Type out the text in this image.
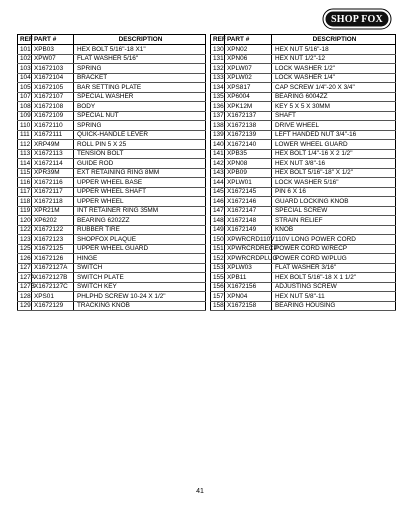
SHOP FOX
REF	PART #	DESCRIPTION
101	XPB03	HEX BOLT 5/16"-18 X1"
102	XPW07	FLAT WASHER 5/16"
103	X1672103	SPRING
104	X1672104	BRACKET
105	X1672105	BAR SETTING PLATE
107	X1672107	SPECIAL WASHER
108	X1672108	BODY
109	X1672109	SPECIAL NUT
110	X1672110	SPRING
111	X1672111	QUICK-HANDLE LEVER
112	XRP49M	ROLL PIN 5 X 25
113	X1672113	TENSION BOLT
114	X1672114	GUIDE ROD
115	XPR39M	EXT RETAINING RING 8MM
116	X1672116	UPPER WHEEL BASE
117	X1672117	UPPER WHEEL SHAFT
118	X1672118	UPPER WHEEL
119	XPR21M	INT RETAINER RING 35MM
120	XP6202	BEARING 6202ZZ
122	X1672122	RUBBER TIRE
123	X1672123	SHOPFOX PLAQUE
125	X1672125	UPPER WHEEL GUARD
126	X1672126	HINGE
127	X1672127A	SWITCH
127A	X1672127B	SWITCH PLATE
127B	X1672127C	SWITCH KEY
128	XPS01	PHLPHD SCREW 10-24 X 1/2"
129	X1672129	TRACKING KNOB
REF	PART #	DESCRIPTION
130	XPN02	HEX NUT 5/16"-18
131	XPN06	HEX NUT 1/2"-12
132	XPLW07	LOCK WASHER 1/2"
133	XPLW02	LOCK WASHER 1/4"
134	XPS817	CAP SCREW 1/4"-20 X 3/4"
135	XP6004	BEARING 6004ZZ
136	XPK12M	KEY 5 X 5 X 30MM
137	X1672137	SHAFT
138	X1672138	DRIVE WHEEL
139	X1672139	LEFT HANDED NUT 3/4"-16
140	X1672140	LOWER WHEEL GUARD
141	XPB35	HEX BOLT 1/4"-16 X 2 1/2"
142	XPN08	HEX NUT 3/8"-16
143	XPB09	HEX BOLT 5/16"-18" X 1/2"
144	XPLW01	LOCK WASHER 5/16"
145	X1672145	PIN 6 X 16
146	X1672146	GUARD LOCKING KNOB
147	X1672147	SPECIAL SCREW
148	X1672148	STRAIN RELIEF
149	X1672149	KNOB
150	XPWRCRD110V	110V LONG POWER CORD
151	XPWRCRDRECP	POWER CORD W/RECP
152	XPWRCRDPLUG	POWER CORD W/PLUG
153	XPLW03	FLAT WASHER 3/16"
155	XPB11	HEX BOLT 5/16"-18 X 1 1/2"
156	X1672156	ADJUSTING SCREW
157	XPN04	HEX NUT 5/8"-11
158	X1672158	BEARING HOUSING
41
